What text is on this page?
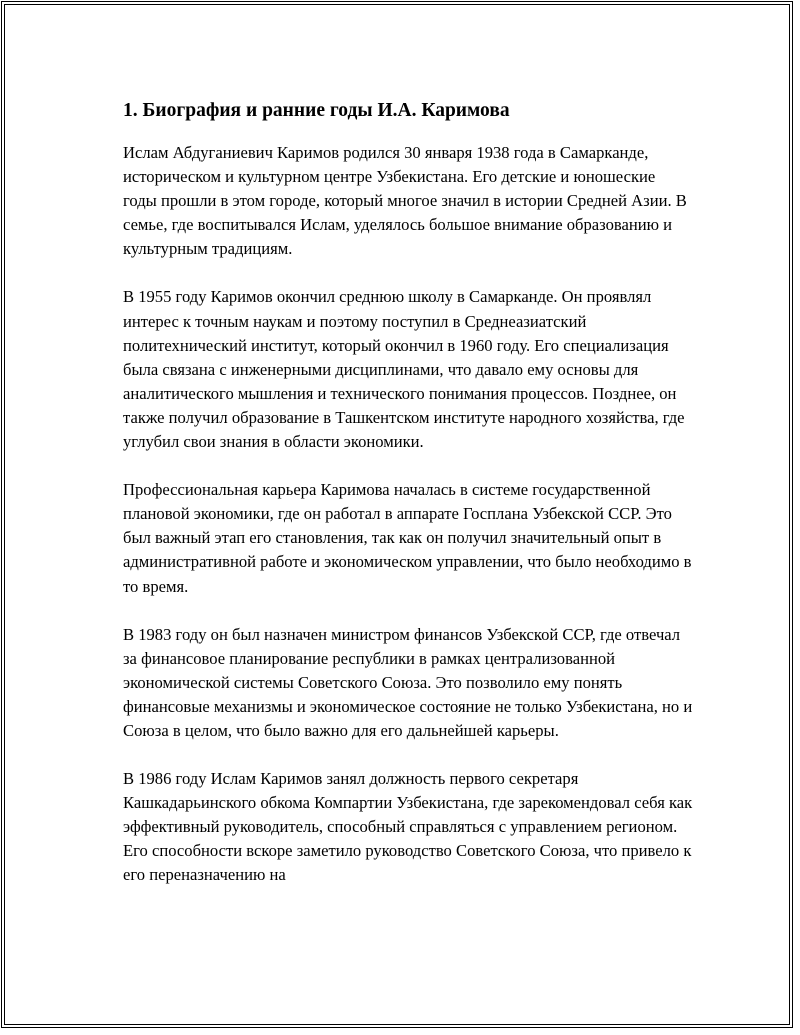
1. Биография и ранние годы И.А. Каримова

Ислам Абдуганиевич Каримов родился 30 января 1938 года в Самарканде, историческом и культурном центре Узбекистана. Его детские и юношеские годы прошли в этом городе, который многое значил в истории Средней Азии. В семье, где воспитывался Ислам, уделялось большое внимание образованию и культурным традициям.

В 1955 году Каримов окончил среднюю школу в Самарканде. Он проявлял интерес к точным наукам и поэтому поступил в Среднеазиатский политехнический институт, который окончил в 1960 году. Его специализация была связана с инженерными дисциплинами, что давало ему основы для аналитического мышления и технического понимания процессов. Позднее, он также получил образование в Ташкентском институте народного хозяйства, где углубил свои знания в области экономики.

Профессиональная карьера Каримова началась в системе государственной плановой экономики, где он работал в аппарате Госплана Узбекской ССР. Это был важный этап его становления, так как он получил значительный опыт в административной работе и экономическом управлении, что было необходимо в то время.

В 1983 году он был назначен министром финансов Узбекской ССР, где отвечал за финансовое планирование республики в рамках централизованной экономической системы Советского Союза. Это позволило ему понять финансовые механизмы и экономическое состояние не только Узбекистана, но и Союза в целом, что было важно для его дальнейшей карьеры.

В 1986 году Ислам Каримов занял должность первого секретаря Кашкадарьинского обкома Компартии Узбекистана, где зарекомендовал себя как эффективный руководитель, способный справляться с управлением регионом. Его способности вскоре заметило руководство Советского Союза, что привело к его переназначению на
